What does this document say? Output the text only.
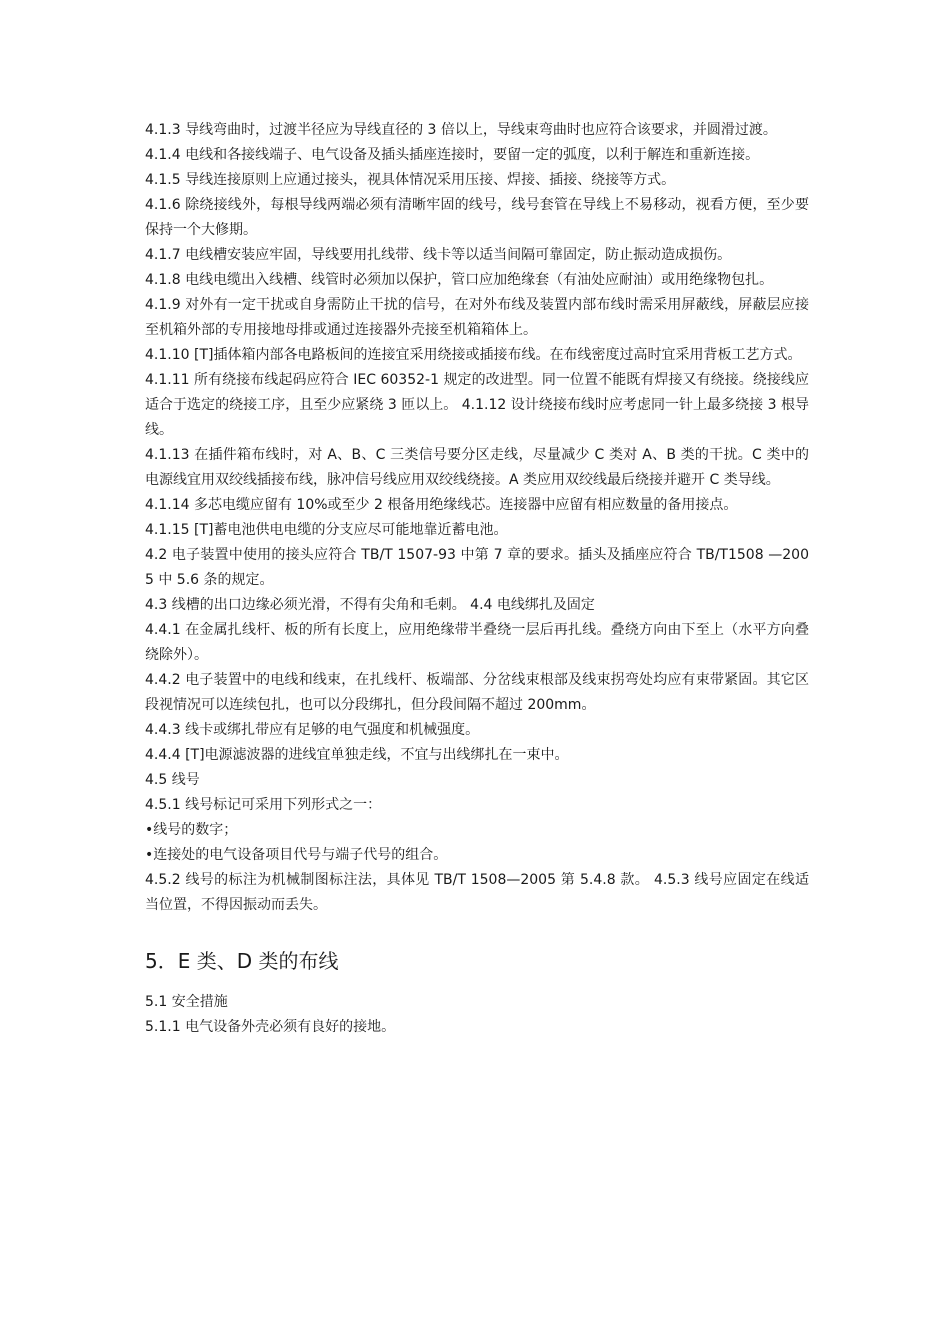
4.1.3 导线弯曲时，过渡半径应为导线直径的 3 倍以上，导线束弯曲时也应符合该要求，并圆滑过渡。

4.1.4 电线和各接线端子、电气设备及插头插座连接时，要留一定的弧度，以利于解连和重新连接。

4.1.5 导线连接原则上应通过接头，视具体情况采用压接、焊接、插接、绕接等方式。

4.1.6 除绕接线外，每根导线两端必须有清晰牢固的线号，线号套管在导线上不易移动，视看方便，至少要保持一个大修期。

4.1.7 电线槽安装应牢固，导线要用扎线带、线卡等以适当间隔可靠固定，防止振动造成损伤。

4.1.8 电线电缆出入线槽、线管时必须加以保护，管口应加绝缘套（有油处应耐油）或用绝缘物包扎。

4.1.9 对外有一定干扰或自身需防止干扰的信号，在对外布线及装置内部布线时需采用屏蔽线，屏蔽层应接至机箱外部的专用接地母排或通过连接器外壳接至机箱箱体上。

4.1.10 [T]插体箱内部各电路板间的连接宜采用绕接或插接布线。在布线密度过高时宜采用背板工艺方式。

4.1.11 所有绕接布线起码应符合 IEC 60352-1 规定的改进型。同一位置不能既有焊接又有绕接。绕接线应适合于选定的绕接工序，且至少应紧绕 3 匝以上。 4.1.12 设计绕接布线时应考虑同一针上最多绕接 3 根导线。

4.1.13 在插件箱布线时，对 A、B、C 三类信号要分区走线，尽量减少 C 类对 A、B 类的干扰。C 类中的电源线宜用双绞线插接布线，脉冲信号线应用双绞线绕接。A 类应用双绞线最后绕接并避开 C 类导线。

4.1.14 多芯电缆应留有 10%或至少 2 根备用绝缘线芯。连接器中应留有相应数量的备用接点。

4.1.15 [T]蓄电池供电电缆的分支应尽可能地靠近蓄电池。

4.2 电子装置中使用的接头应符合 TB/T 1507-93 中第 7 章的要求。插头及插座应符合 TB/T1508 —2005 中 5.6 条的规定。

4.3 线槽的出口边缘必须光滑，不得有尖角和毛刺。 4.4 电线绑扎及固定

4.4.1 在金属扎线杆、板的所有长度上，应用绝缘带半叠绕一层后再扎线。叠绕方向由下至上（水平方向叠绕除外）。

4.4.2 电子装置中的电线和线束，在扎线杆、板端部、分岔线束根部及线束拐弯处均应有束带紧固。其它区段视情况可以连续包扎，也可以分段绑扎，但分段间隔不超过 200mm。

4.4.3 线卡或绑扎带应有足够的电气强度和机械强度。

4.4.4 [T]电源滤波器的进线宜单独走线，不宜与出线绑扎在一束中。

4.5 线号

4.5.1 线号标记可采用下列形式之一：

•线号的数字；

•连接处的电气设备项目代号与端子代号的组合。

4.5.2 线号的标注为机械制图标注法，具体见 TB/T 1508—2005 第 5.4.8 款。 4.5.3 线号应固定在线适当位置，不得因振动而丢失。

5．E 类、D 类的布线

5.1 安全措施

5.1.1 电气设备外壳必须有良好的接地。
